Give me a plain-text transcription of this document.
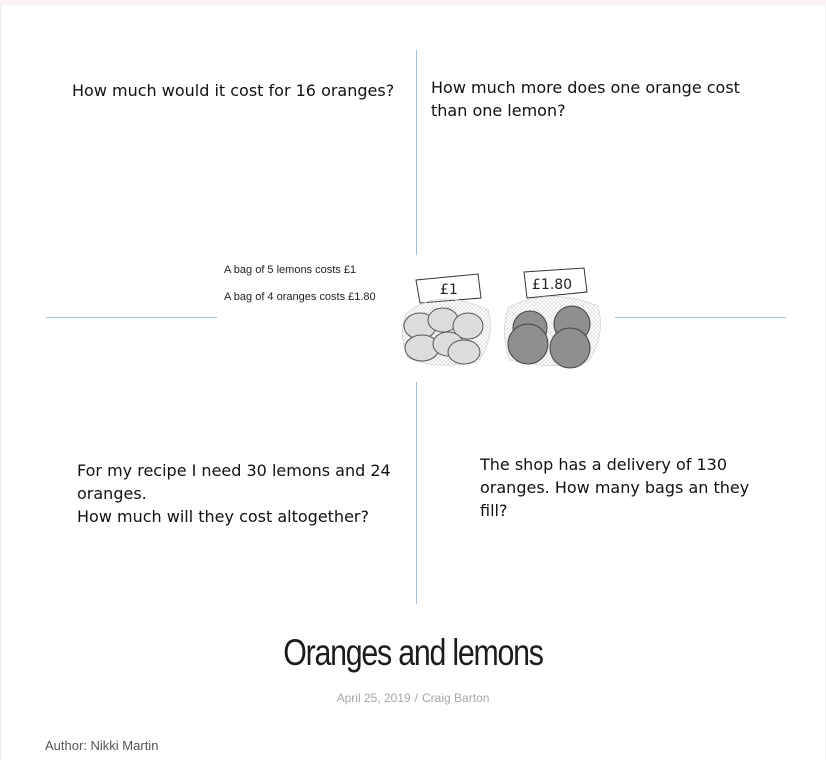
How much would it cost for 16 oranges?	How much more does one orange cost than one lemon?
For my recipe I need 30 lemons and 24
oranges.
How much will they cost altogether?
The shop has a delivery of 130
oranges. How many bags an they
fill?
A bag of 5 lemons costs £1
A bag of 4 oranges costs £1.80	£1	£1.80
Oranges and lemons
April 25, 2019 / Craig Barton
Author: Nikki Martin
